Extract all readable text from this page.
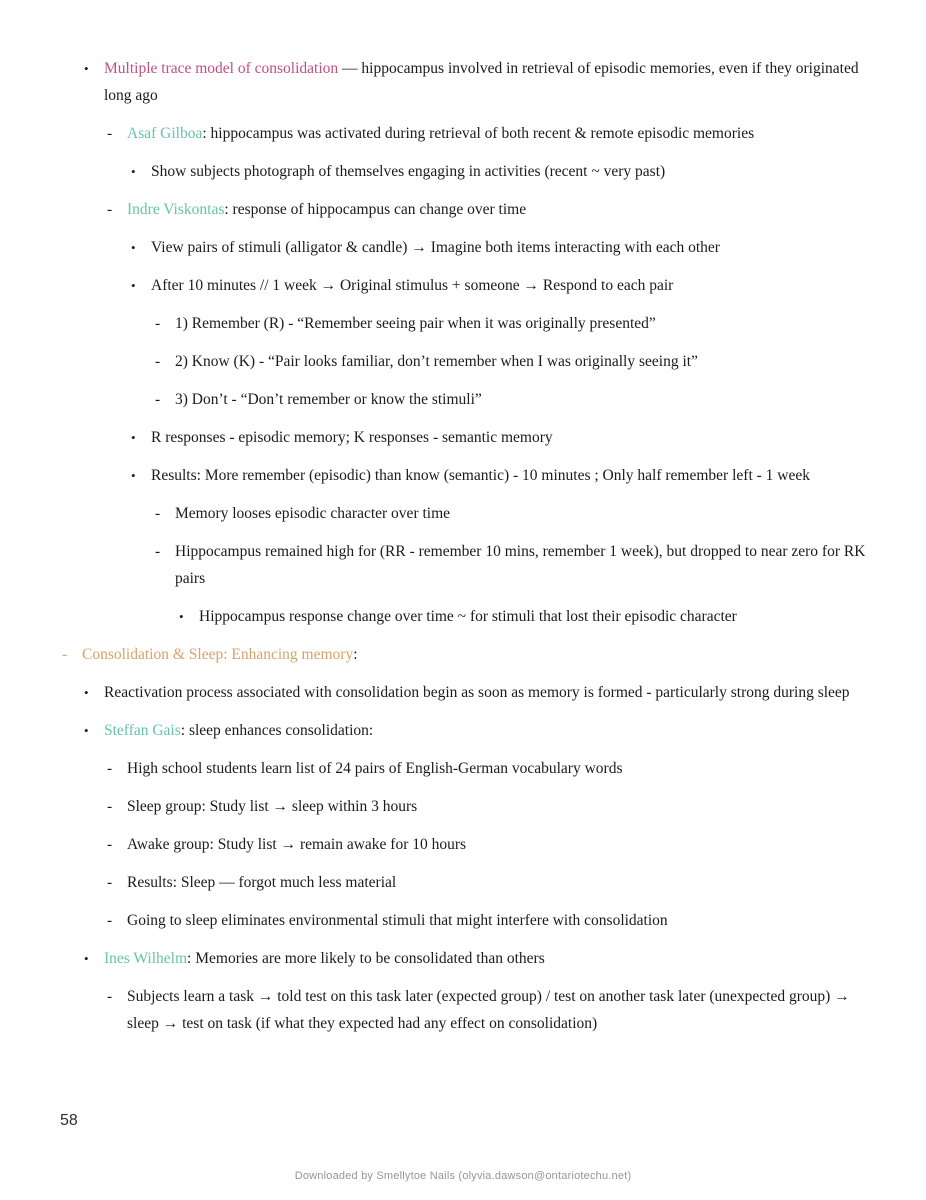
• Multiple trace model of consolidation — hippocampus involved in retrieval of episodic memories, even if they originated long ago
- Asaf Gilboa: hippocampus was activated during retrieval of both recent & remote episodic memories
• Show subjects photograph of themselves engaging in activities (recent ~ very past)
- Indre Viskontas: response of hippocampus can change over time
• View pairs of stimuli (alligator & candle) → Imagine both items interacting with each other
• After 10 minutes // 1 week → Original stimulus + someone → Respond to each pair
- 1) Remember (R) - “Remember seeing pair when it was originally presented”
- 2) Know (K) - “Pair looks familiar, don’t remember when I was originally seeing it”
- 3) Don’t - “Don’t remember or know the stimuli”
• R responses - episodic memory; K responses - semantic memory
• Results: More remember (episodic) than know (semantic) - 10 minutes ; Only half remember left - 1 week
- Memory looses episodic character over time
- Hippocampus remained high for (RR - remember 10 mins, remember 1 week), but dropped to near zero for RK pairs
• Hippocampus response change over time ~ for stimuli that lost their episodic character
- Consolidation & Sleep: Enhancing memory:
• Reactivation process associated with consolidation begin as soon as memory is formed - particularly strong during sleep
• Steffan Gais: sleep enhances consolidation:
- High school students learn list of 24 pairs of English-German vocabulary words
- Sleep group: Study list → sleep within 3 hours
- Awake group: Study list → remain awake for 10 hours
- Results: Sleep — forgot much less material
- Going to sleep eliminates environmental stimuli that might interfere with consolidation
• Ines Wilhelm: Memories are more likely to be consolidated than others
- Subjects learn a task → told test on this task later (expected group) / test on another task later (unexpected group) → sleep → test on task (if what they expected had any effect on consolidation)
58
Downloaded by Smellytoe Nails (olyvia.dawson@ontariotechu.net)
